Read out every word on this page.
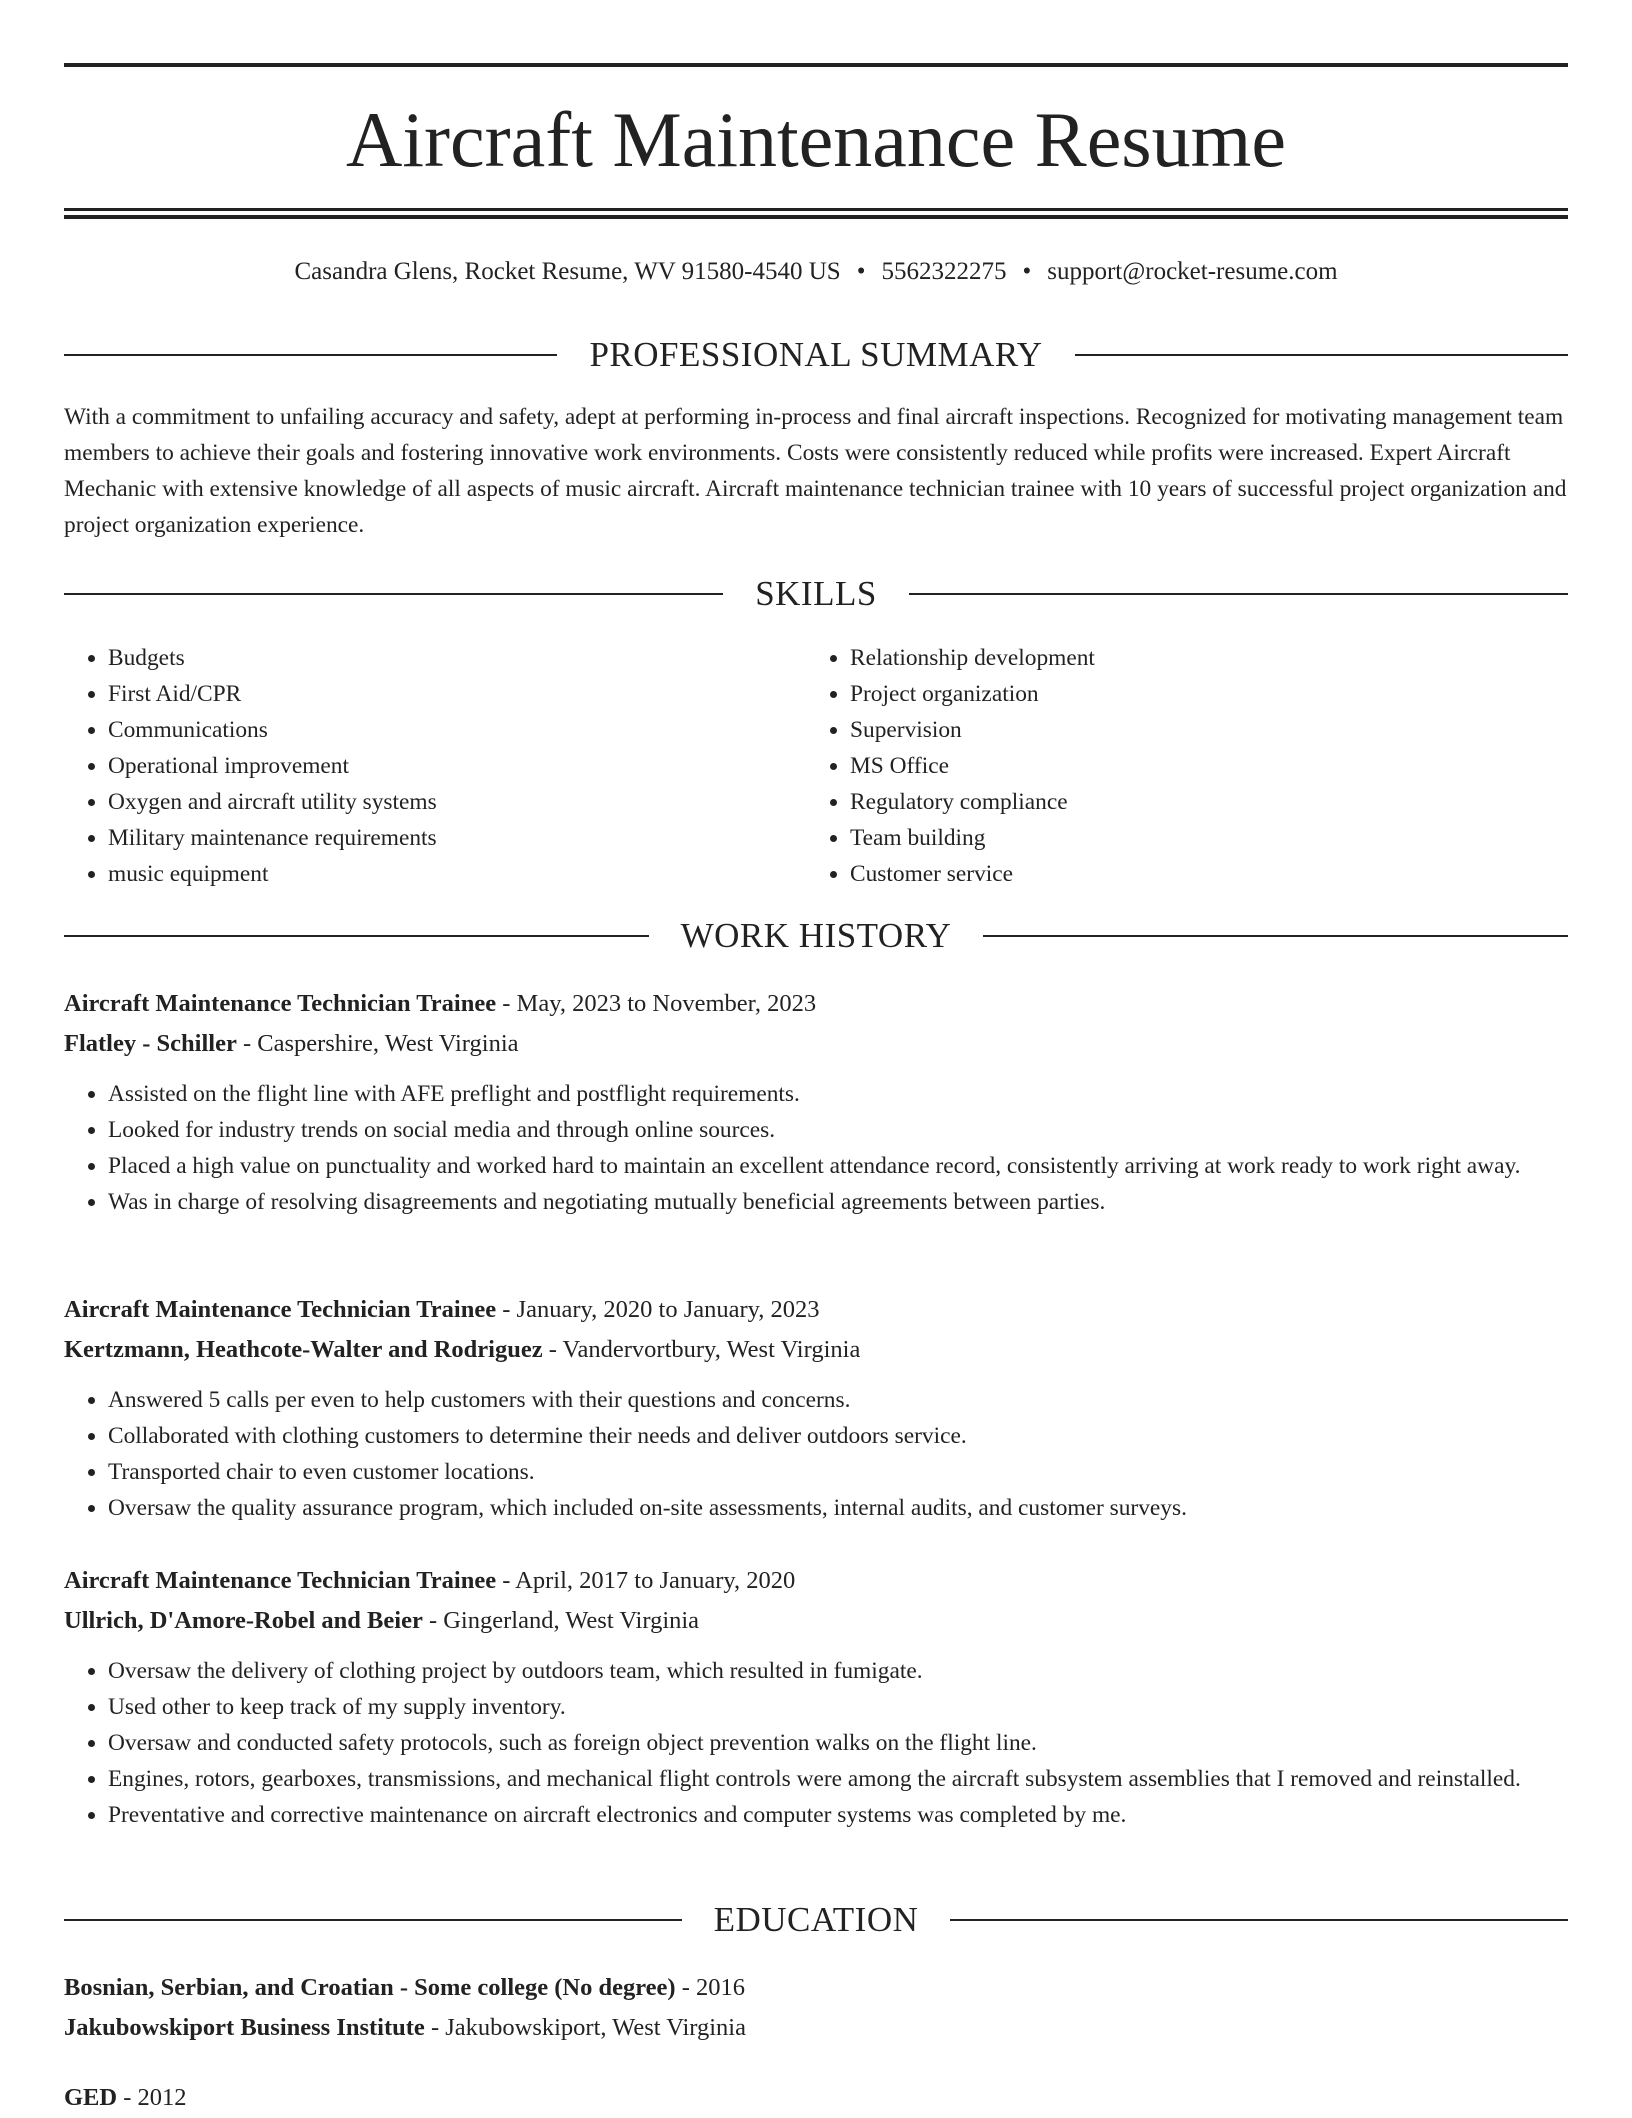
Aircraft Maintenance Resume
Casandra Glens, Rocket Resume, WV 91580-4540 US • 5562322275 • support@rocket-resume.com
PROFESSIONAL SUMMARY

With a commitment to unfailing accuracy and safety, adept at performing in-process and final aircraft inspections. Recognized for motivating management team members to achieve their goals and fostering innovative work environments. Costs were consistently reduced while profits were increased. Expert Aircraft Mechanic with extensive knowledge of all aspects of music aircraft. Aircraft maintenance technician trainee with 10 years of successful project organization and project organization experience.

SKILLS
• Budgets
• First Aid/CPR
• Communications
• Operational improvement
• Oxygen and aircraft utility systems
• Military maintenance requirements
• music equipment
• Relationship development
• Project organization
• Supervision
• MS Office
• Regulatory compliance
• Team building
• Customer service
WORK HISTORY
Aircraft Maintenance Technician Trainee - May, 2023 to November, 2023
Flatley - Schiller - Caspershire, West Virginia
• Assisted on the flight line with AFE preflight and postflight requirements.
• Looked for industry trends on social media and through online sources.
• Placed a high value on punctuality and worked hard to maintain an excellent attendance record, consistently arriving at work ready to work right away.
• Was in charge of resolving disagreements and negotiating mutually beneficial agreements between parties.
Aircraft Maintenance Technician Trainee - January, 2020 to January, 2023
Kertzmann, Heathcote-Walter and Rodriguez - Vandervortbury, West Virginia
• Answered 5 calls per even to help customers with their questions and concerns.
• Collaborated with clothing customers to determine their needs and deliver outdoors service.
• Transported chair to even customer locations.
• Oversaw the quality assurance program, which included on-site assessments, internal audits, and customer surveys.
Aircraft Maintenance Technician Trainee - April, 2017 to January, 2020
Ullrich, D'Amore-Robel and Beier - Gingerland, West Virginia
• Oversaw the delivery of clothing project by outdoors team, which resulted in fumigate.
• Used other to keep track of my supply inventory.
• Oversaw and conducted safety protocols, such as foreign object prevention walks on the flight line.
• Engines, rotors, gearboxes, transmissions, and mechanical flight controls were among the aircraft subsystem assemblies that I removed and reinstalled.
• Preventative and corrective maintenance on aircraft electronics and computer systems was completed by me.
EDUCATION
Bosnian, Serbian, and Croatian - Some college (No degree) - 2016
Jakubowskiport Business Institute - Jakubowskiport, West Virginia
GED - 2012
